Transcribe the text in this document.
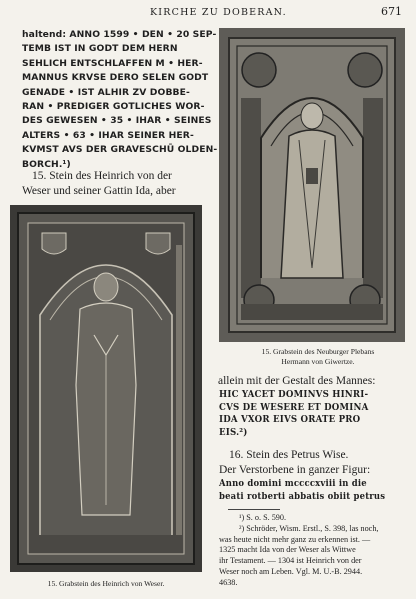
KIRCHE ZU DOBERAN.	671
haltend: ANNO 1599 • DEN • 20 SEP-
TEMB IST IN GODT DEM HERN
SEHLICH ENTSCHLAFFEN M • HER-
MANNUS KRVSE DERO SELEN GODT
GENADE • IST ALHIR ZV DOBBE-
RAN • PREDIGER GOTLICHES WOR-
DES GEWESEN • 35 • IHAR • SEINES
ALTERS • 63 • IHAR SEINER HER-
KVMST AVS DER GRAVESCHŪ OLDEN-
BORCH.¹)
15. Stein des Heinrich von der
Weser und seiner Gattin Ida, aber
15. Grabstein des Neuburger Plebans
Hermann von Giwertze.
15. Grabstein des Heinrich von Weser.
allein mit der Gestalt des Mannes:
HIC YACET DOMINVS HINRI-
CVS DE WESERE ET DOMINA
IDA VXOR EIVS ORATE PRO
EIS.²)
16. Stein des Petrus Wise.
Der Verstorbene in ganzer Figur:
Anno domini mccccxviii in die
beati rotberti abbatis obiit petrus
¹) S. o. S. 590.
²) Schröder, Wism. Erstl., S. 398, las noch,
was heute nicht mehr ganz zu erkennen ist. —
1325 macht Ida von der Weser als Wittwe
ihr Testament. — 1304 ist Heinrich von der
Weser noch am Leben. Vgl. M. U.-B. 2944.
4638.
